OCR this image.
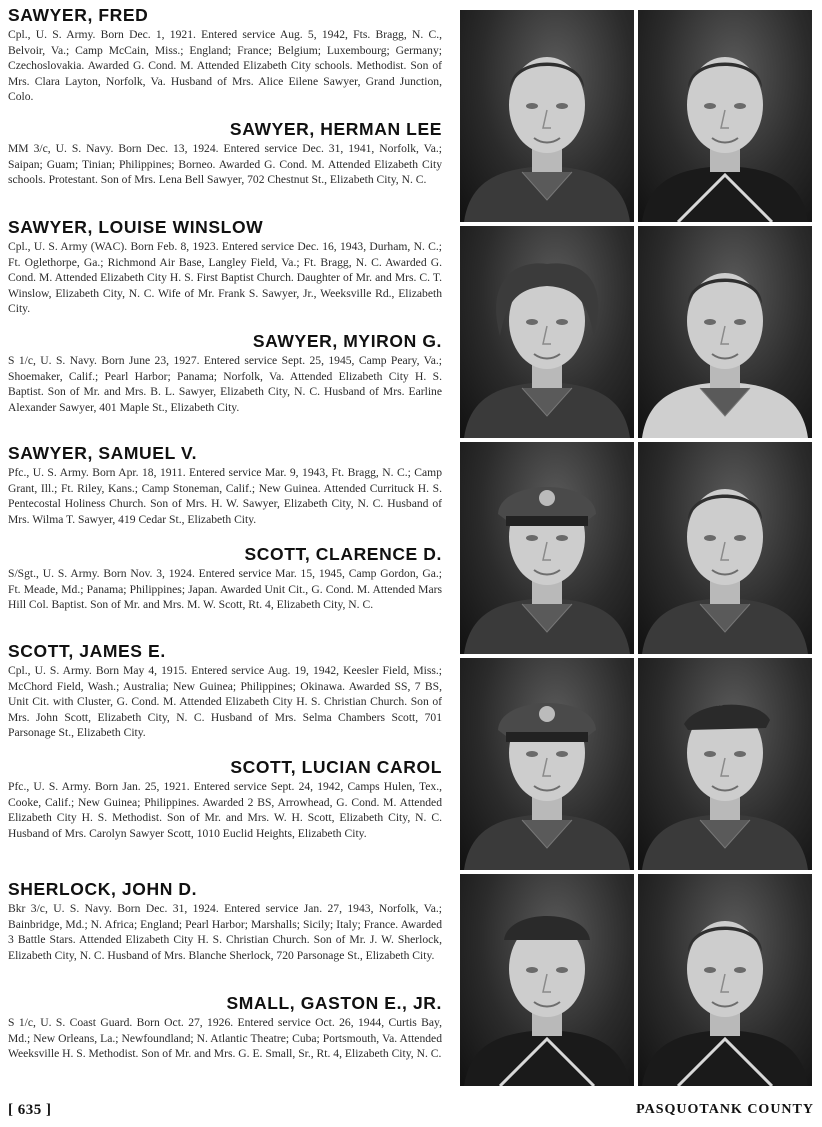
SAWYER, FRED
Cpl., U. S. Army. Born Dec. 1, 1921. Entered service Aug. 5, 1942, Fts. Bragg, N. C., Belvoir, Va.; Camp McCain, Miss.; England; France; Belgium; Luxembourg; Germany; Czechoslovakia. Awarded G. Cond. M. Attended Elizabeth City schools. Methodist. Son of Mrs. Clara Layton, Norfolk, Va. Husband of Mrs. Alice Eilene Sawyer, Grand Junction, Colo.
SAWYER, HERMAN LEE
MM 3/c, U. S. Navy. Born Dec. 13, 1924. Entered service Dec. 31, 1941, Norfolk, Va.; Saipan; Guam; Tinian; Philippines; Borneo. Awarded G. Cond. M. Attended Elizabeth City schools. Protestant. Son of Mrs. Lena Bell Sawyer, 702 Chestnut St., Elizabeth City, N. C.
SAWYER, LOUISE WINSLOW
Cpl., U. S. Army (WAC). Born Feb. 8, 1923. Entered service Dec. 16, 1943, Durham, N. C.; Ft. Oglethorpe, Ga.; Richmond Air Base, Langley Field, Va.; Ft. Bragg, N. C. Awarded G. Cond. M. Attended Elizabeth City H. S. First Baptist Church. Daughter of Mr. and Mrs. C. T. Winslow, Elizabeth City, N. C. Wife of Mr. Frank S. Sawyer, Jr., Weeksville Rd., Elizabeth City.
SAWYER, MYIRON G.
S 1/c, U. S. Navy. Born June 23, 1927. Entered service Sept. 25, 1945, Camp Peary, Va.; Shoemaker, Calif.; Pearl Harbor; Panama; Norfolk, Va. Attended Elizabeth City H. S. Baptist. Son of Mr. and Mrs. B. L. Sawyer, Elizabeth City, N. C. Husband of Mrs. Earline Alexander Sawyer, 401 Maple St., Elizabeth City.
SAWYER, SAMUEL V.
Pfc., U. S. Army. Born Apr. 18, 1911. Entered service Mar. 9, 1943, Ft. Bragg, N. C.; Camp Grant, Ill.; Ft. Riley, Kans.; Camp Stoneman, Calif.; New Guinea. Attended Currituck H. S. Pentecostal Holiness Church. Son of Mrs. H. W. Sawyer, Elizabeth City, N. C. Husband of Mrs. Wilma T. Sawyer, 419 Cedar St., Elizabeth City.
SCOTT, CLARENCE D.
S/Sgt., U. S. Army. Born Nov. 3, 1924. Entered service Mar. 15, 1945, Camp Gordon, Ga.; Ft. Meade, Md.; Panama; Philippines; Japan. Awarded Unit Cit., G. Cond. M. Attended Mars Hill Col. Baptist. Son of Mr. and Mrs. M. W. Scott, Rt. 4, Elizabeth City, N. C.
SCOTT, JAMES E.
Cpl., U. S. Army. Born May 4, 1915. Entered service Aug. 19, 1942, Keesler Field, Miss.; McChord Field, Wash.; Australia; New Guinea; Philippines; Okinawa. Awarded SS, 7 BS, Unit Cit. with Cluster, G. Cond. M. Attended Elizabeth City H. S. Christian Church. Son of Mrs. John Scott, Elizabeth City, N. C. Husband of Mrs. Selma Chambers Scott, 701 Parsonage St., Elizabeth City.
SCOTT, LUCIAN CAROL
Pfc., U. S. Army. Born Jan. 25, 1921. Entered service Sept. 24, 1942, Camps Hulen, Tex., Cooke, Calif.; New Guinea; Philippines. Awarded 2 BS, Arrowhead, G. Cond. M. Attended Elizabeth City H. S. Methodist. Son of Mr. and Mrs. W. H. Scott, Elizabeth City, N. C. Husband of Mrs. Carolyn Sawyer Scott, 1010 Euclid Heights, Elizabeth City.
SHERLOCK, JOHN D.
Bkr 3/c, U. S. Navy. Born Dec. 31, 1924. Entered service Jan. 27, 1943, Norfolk, Va.; Bainbridge, Md.; N. Africa; England; Pearl Harbor; Marshalls; Sicily; Italy; France. Awarded 3 Battle Stars. Attended Elizabeth City H. S. Christian Church. Son of Mr. J. W. Sherlock, Elizabeth City, N. C. Husband of Mrs. Blanche Sherlock, 720 Parsonage St., Elizabeth City.
SMALL, GASTON E., JR.
S 1/c, U. S. Coast Guard. Born Oct. 27, 1926. Entered service Oct. 26, 1944, Curtis Bay, Md.; New Orleans, La.; Newfoundland; N. Atlantic Theatre; Cuba; Portsmouth, Va. Attended Weeksville H. S. Methodist. Son of Mr. and Mrs. G. E. Small, Sr., Rt. 4, Elizabeth City, N. C.
[ 635 ]	PASQUOTANK COUNTY
